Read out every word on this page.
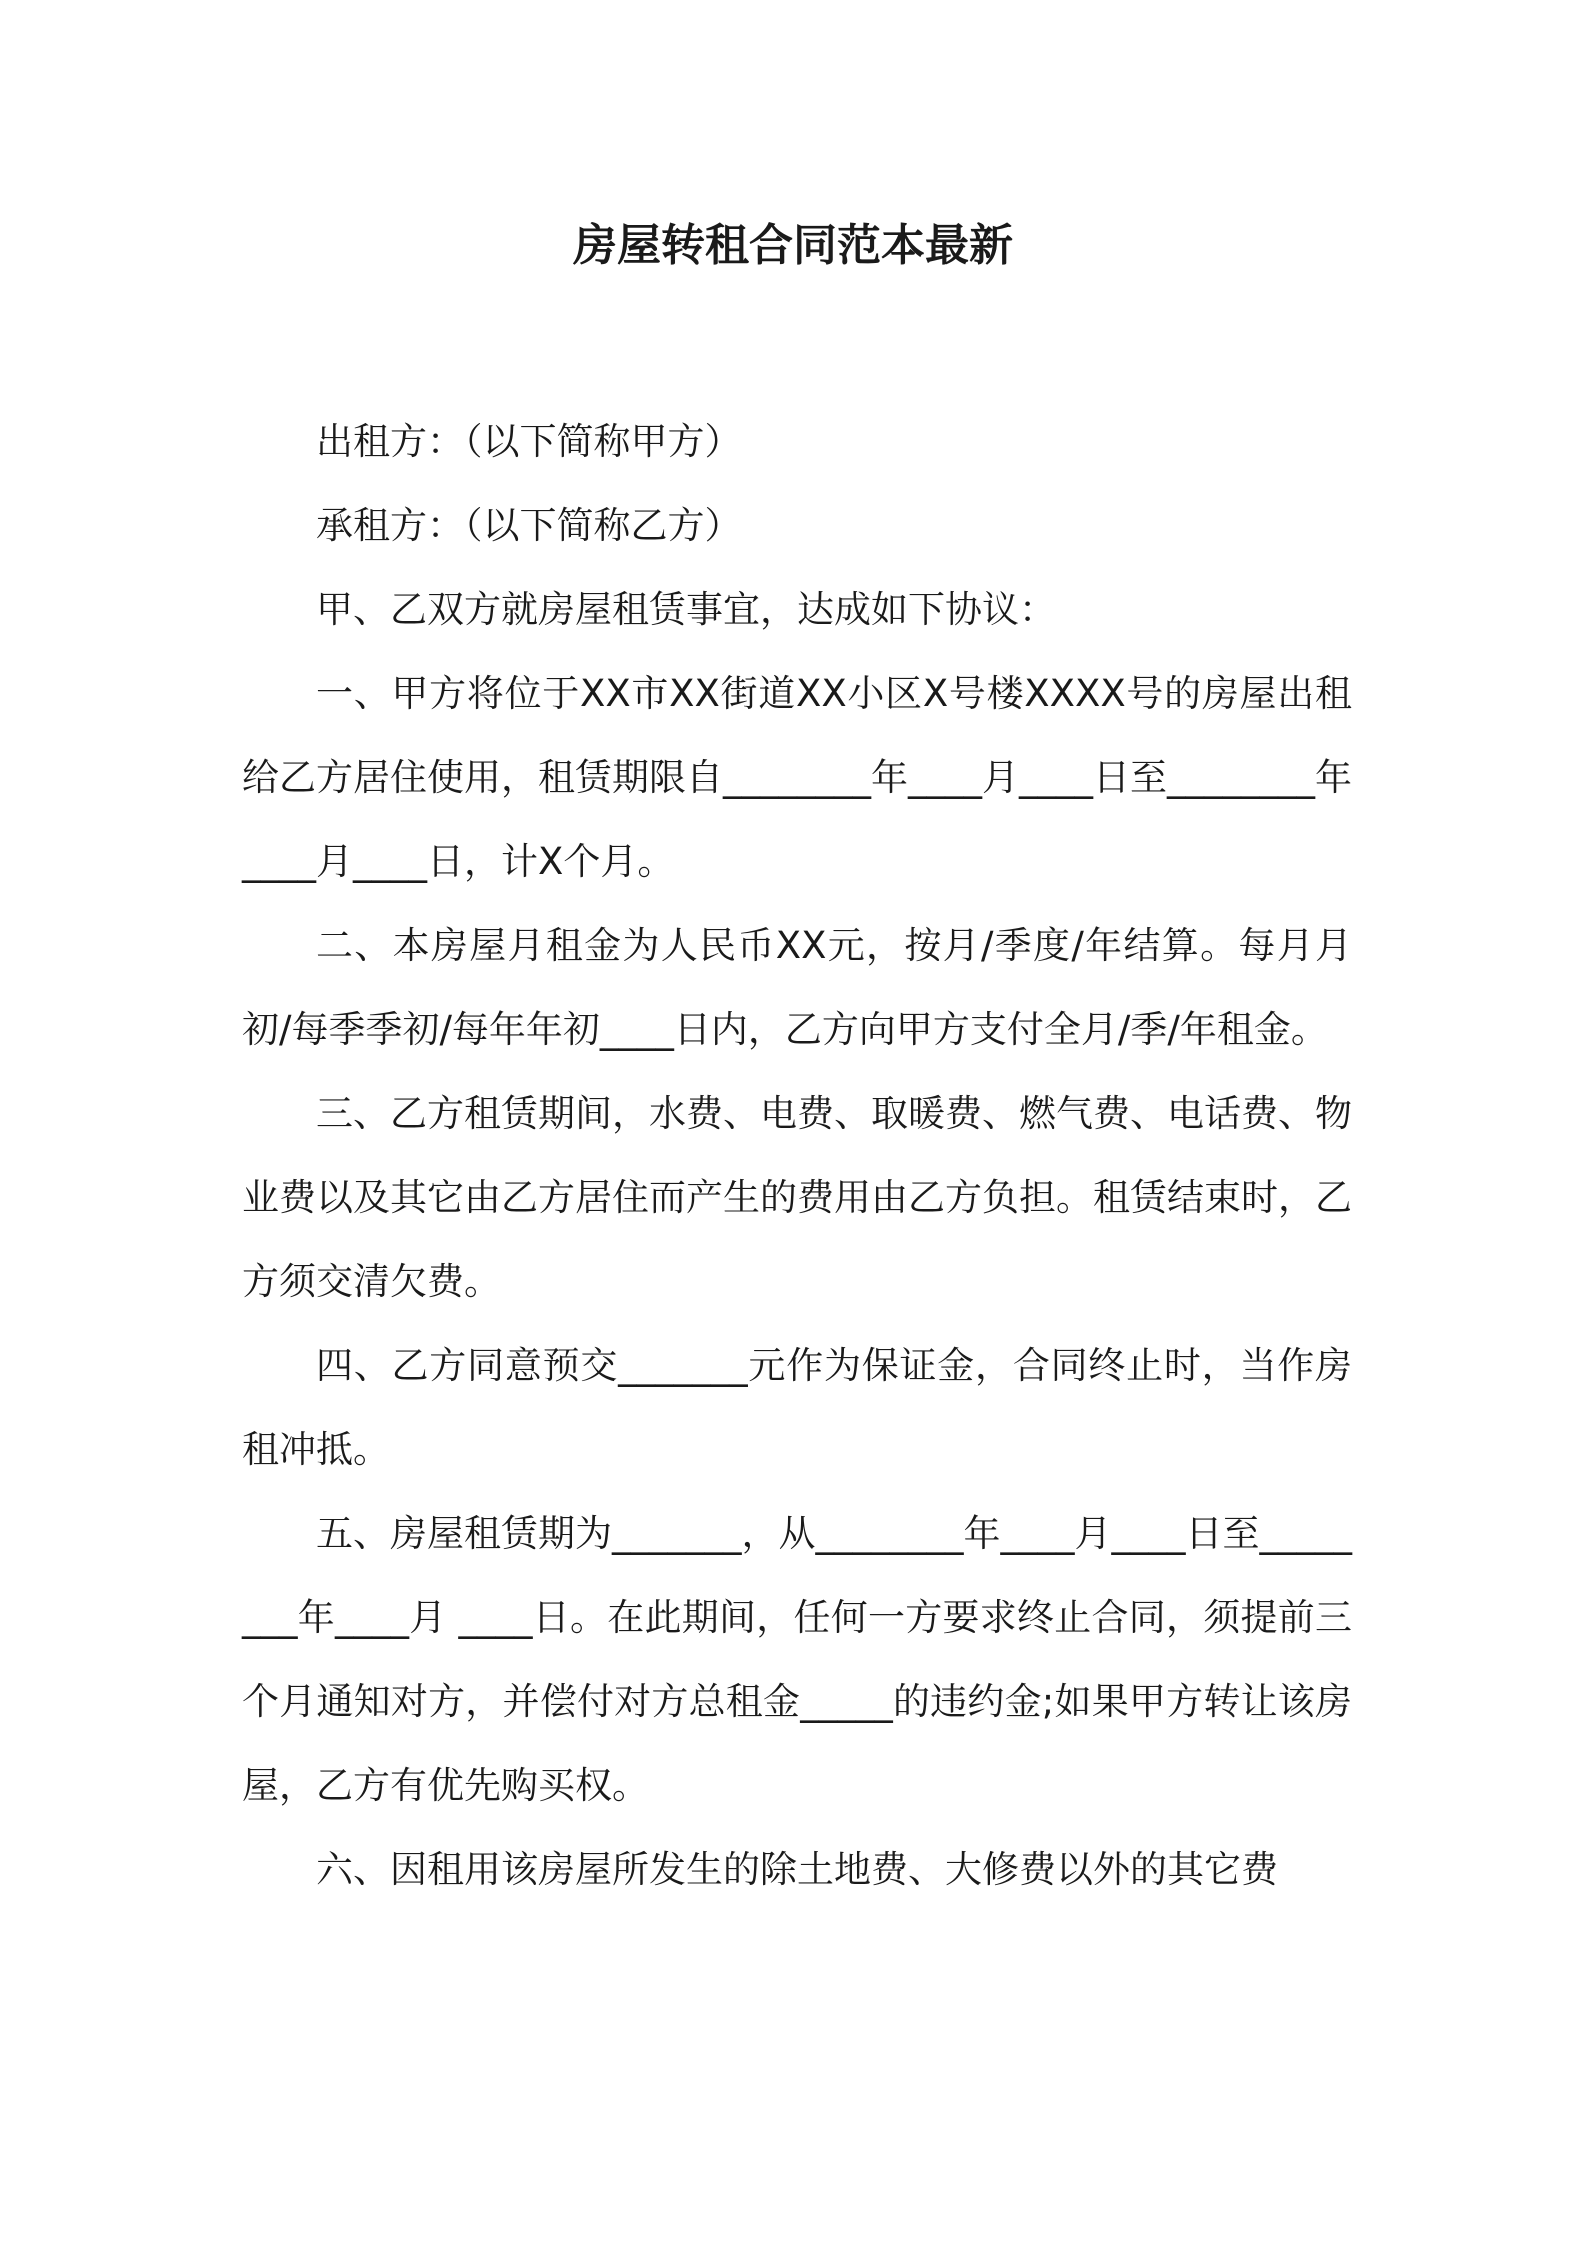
房屋转租合同范本最新

出租方：（以下简称甲方）

承租方：（以下简称乙方）

甲、乙双方就房屋租赁事宜，达成如下协议：

一、甲方将位于XX市XX街道XX小区X号楼XXXX号的房屋出租给乙方居住使用，租赁期限自________年____月____日至________年____月____日，计X个月。

二、本房屋月租金为人民币XX元，按月/季度/年结算。每月月初/每季季初/每年年初____日内，乙方向甲方支付全月/季/年租金。

三、乙方租赁期间，水费、电费、取暖费、燃气费、电话费、物业费以及其它由乙方居住而产生的费用由乙方负担。租赁结束时，乙方须交清欠费。

四、乙方同意预交_______元作为保证金，合同终止时，当作房租冲抵。

五、房屋租赁期为_______，从________年____月____日至________年____月 ____日。在此期间，任何一方要求终止合同，须提前三个月通知对方，并偿付对方总租金_____的违约金;如果甲方转让该房屋，乙方有优先购买权。

六、因租用该房屋所发生的除土地费、大修费以外的其它费
